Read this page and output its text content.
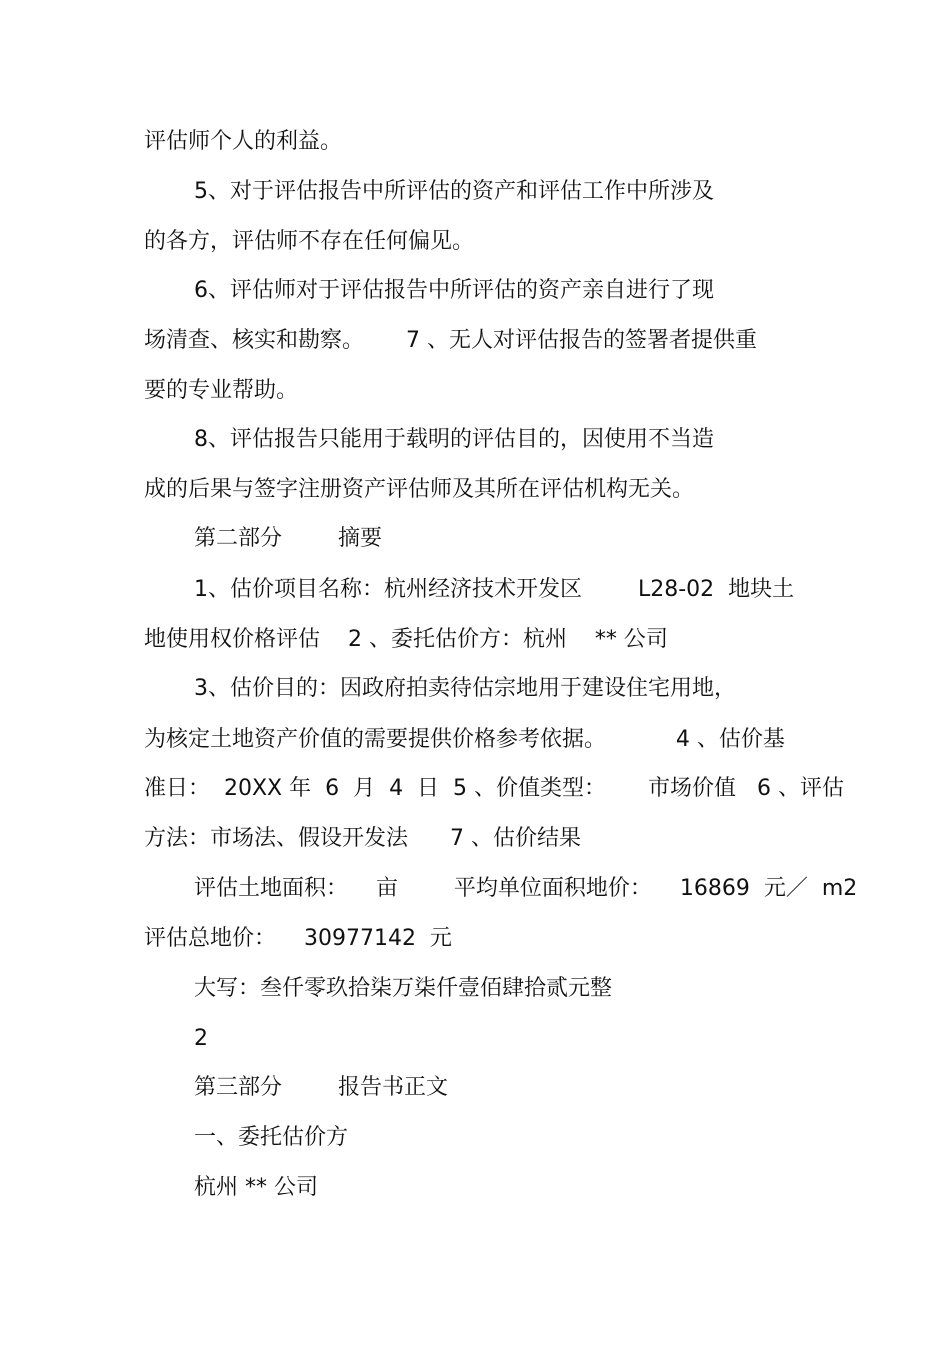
评估师个人的利益。
5、对于评估报告中所评估的资产和评估工作中所涉及
的各方，评估师不存在任何偏见。
6、评估师对于评估报告中所评估的资产亲自进行了现
场清查、核实和勘察。      7 、无人对评估报告的签署者提供重
要的专业帮助。
8、评估报告只能用于载明的评估目的，因使用不当造
成的后果与签字注册资产评估师及其所在评估机构无关。
第二部分        摘要
1、估价项目名称：杭州经济技术开发区        L28-02  地块土
地使用权价格评估    2 、委托估价方：杭州    ** 公司
3、估价目的：因政府拍卖待估宗地用于建设住宅用地，
为核定土地资产价值的需要提供价格参考依据。          4 、估价基
准日：  20XX 年  6  月  4  日  5 、价值类型：      市场价值   6 、评估
方法：市场法、假设开发法      7 、估价结果
评估土地面积：    亩        平均单位面积地价：    16869  元／  m2
评估总地价：    30977142  元
大写：叁仟零玖拾柒万柒仟壹佰肆拾贰元整
2
第三部分        报告书正文
一、委托估价方
杭州 ** 公司
